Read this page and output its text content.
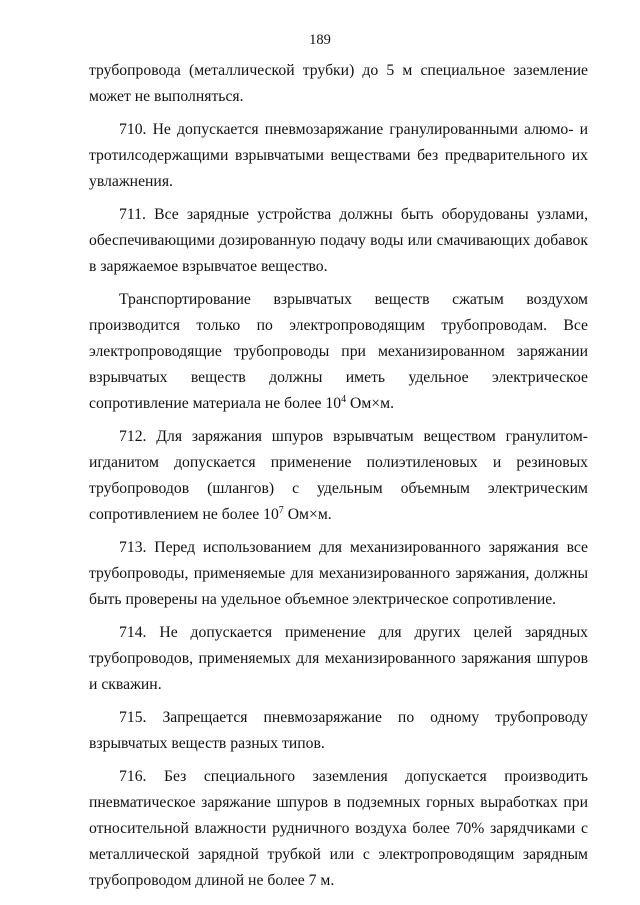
189

трубопровода (металлической трубки) до 5 м специальное заземление может не выполняться.

710. Не допускается пневмозаряжание гранулированными алюмо- и тротилсодержащими взрывчатыми веществами без предварительного их увлажнения.

711. Все зарядные устройства должны быть оборудованы узлами, обеспечивающими дозированную подачу воды или смачивающих добавок в заряжаемое взрывчатое вещество.

Транспортирование взрывчатых веществ сжатым воздухом производится только по электропроводящим трубопроводам. Все электропроводящие трубопроводы при механизированном заряжании взрывчатых веществ должны иметь удельное электрическое сопротивление материала не более $10^4$ Ом×м.

712. Для заряжания шпуров взрывчатым веществом гранулитом-игданитом допускается применение полиэтиленовых и резиновых трубопроводов (шлангов) с удельным объемным электрическим сопротивлением не более $10^7$ Ом×м.

713. Перед использованием для механизированного заряжания все трубопроводы, применяемые для механизированного заряжания, должны быть проверены на удельное объемное электрическое сопротивление.

714. Не допускается применение для других целей зарядных трубопроводов, применяемых для механизированного заряжания шпуров и скважин.

715. Запрещается пневмозаряжание по одному трубопроводу взрывчатых веществ разных типов.

716. Без специального заземления допускается производить пневматическое заряжание шпуров в подземных горных выработках при относительной влажности рудничного воздуха более 70% зарядчиками с металлической зарядной трубкой или с электропроводящим зарядным трубопроводом длиной не более 7 м.
